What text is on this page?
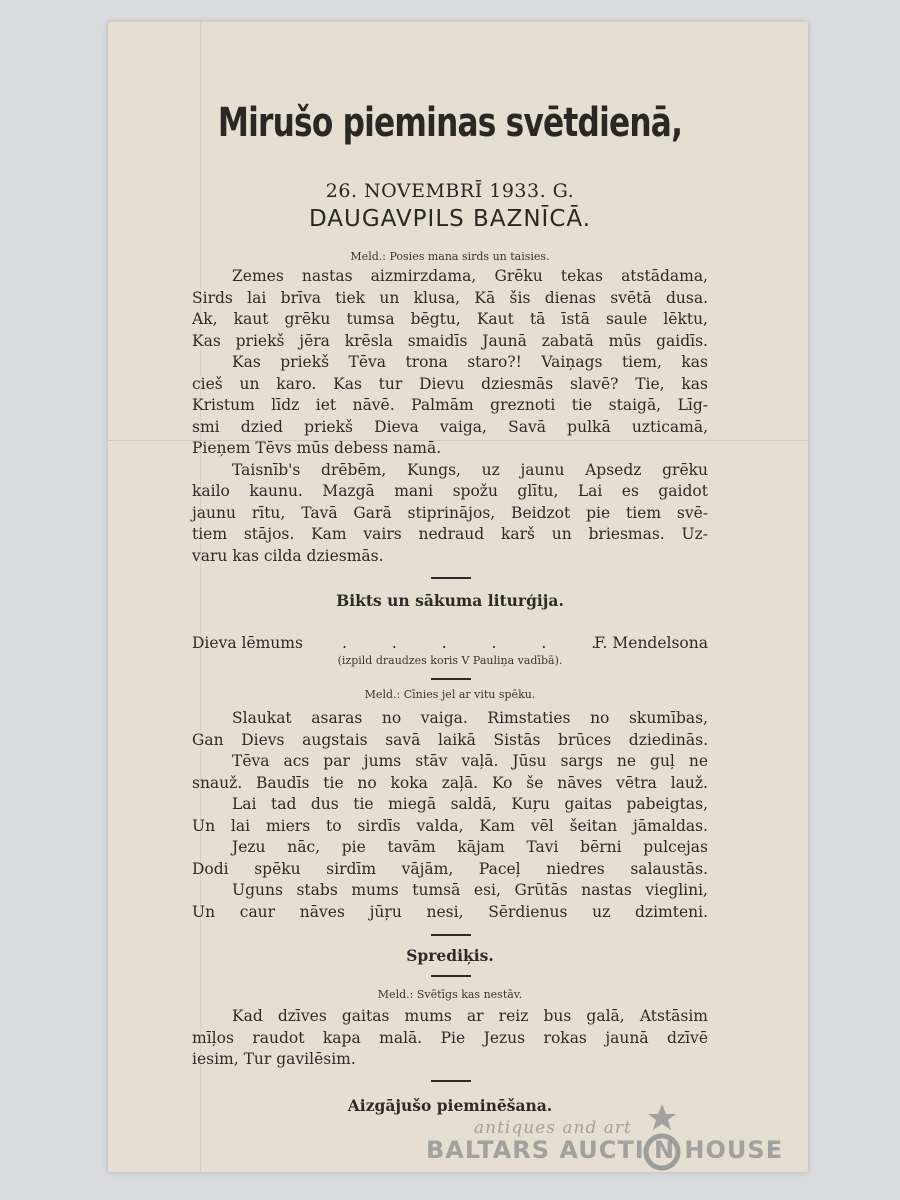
Mirušo pieminas svētdienā,
26. NOVEMBRĪ 1933. G.
DAUGAVPILS BAZNĪCĀ.
Meld.: Posies mana sirds un taisies.
Zemes nastas aizmirzdama, Grēku tekas atstādama,
Sirds lai brīva tiek un klusa, Kā šis dienas svētā dusa.
Ak, kaut grēku tumsa bēgtu, Kaut tā īstā saule lēktu,
Kas priekš jēra krēsla smaidīs Jaunā zabatā mūs gaidīs.
Kas priekš Tēva trona staro?! Vaiņags tiem, kas
cieš un karo. Kas tur Dievu dziesmās slavē? Tie, kas
Kristum līdz iet nāvē. Palmām greznoti tie staigā, Līg-
smi dzied priekš Dieva vaiga, Savā pulkā uzticamā,
Pieņem Tēvs mūs debess namā.
Taisnīb's drēbēm, Kungs, uz jaunu Apsedz grēku
kailo kaunu. Mazgā mani spožu glītu, Lai es gaidot
jaunu rītu, Tavā Garā stiprinājos, Beidzot pie tiem svē-
tiem stājos. Kam vairs nedraud karš un briesmas. Uz-
varu kas cilda dziesmās.
Bikts un sākuma liturģija.
Dieva lēmums	. . . . . .
F. Mendelsona
(izpild draudzes koris V Pauliņa vadībā).
Meld.: Cīnies jel ar vitu spēku.
Slaukat asaras no vaiga. Rimstaties no skumības,
Gan Dievs augstais savā laikā Sistās brūces dziedinās.
Tēva acs par jums stāv vaļā. Jūsu sargs ne guļ ne
snauž. Baudīs tie no koka zaļā. Ko še nāves vētra lauž.
Lai tad dus tie miegā saldā, Kuŗu gaitas pabeigtas,
Un lai miers to sirdīs valda, Kam vēl šeitan jāmaldas.
Jezu nāc, pie tavām kājam Tavi bērni pulcejas
Dodi spēku sirdīm vājām, Paceļ niedres salaustās.
Uguns stabs mums tumsā esi, Grūtās nastas vieglini,
Un caur nāves jūŗu nesi, Sērdienus uz dzimteni.
Sprediķis.
Meld.: Svētīgs kas nestāv.
Kad dzīves gaitas mums ar reiz bus galā, Atstāsim
mīļos raudot kapa malā. Pie Jezus rokas jaunā dzīvē
iesim, Tur gavilēsim.
Aizgājušo pieminēšana.
antiques and art
BALTARS AUCTI N HOUSE
